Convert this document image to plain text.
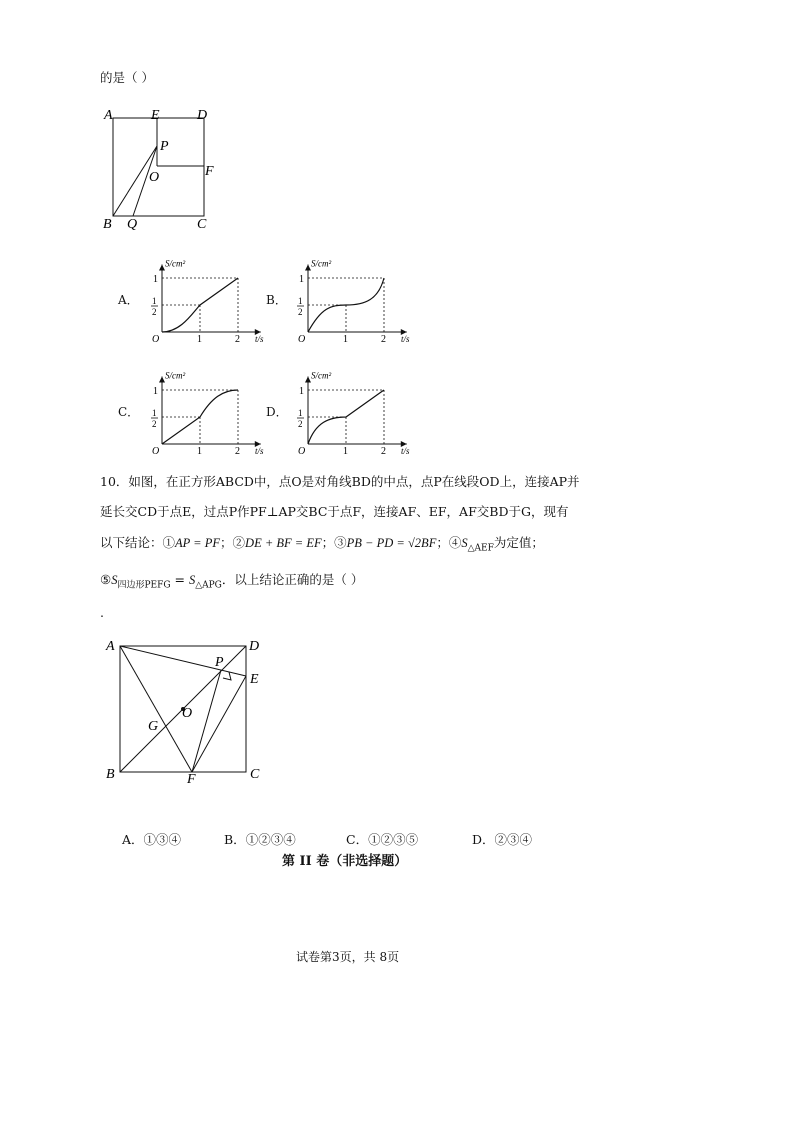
的是（ ）
A	E	D
P
O	F
B Q	C
A．
S/cm²
t/s
O
1
1
2
1	2
B．
S/cm²
t/s
O
1
1
2
1	2
C．
S/cm²
t/s
O
1
1
2
1	2
D．
S/cm²
t/s
O
1
1
2
1	2
10．如图，在正方形ABCD中，点O是对角线BD的中点，点P在线段OD上，连接AP并
延长交CD于点E，过点P作PF⊥AP交BC于点F，连接AF、EF，AF交BD于G，现有
以下结论：①AP = PF；②DE + BF = EF；③PB − PD = √2BF；$④S_{\triangle AEF}$为定值；
$⑤S_{四边形PEFG} = S_{\triangle APG}$．以上结论正确的是（ ）
.
A	D
P
E
O
G
B	F	C
A．①③④	B．①②③④	C．①②③⑤	D．②③④
第 II 卷（非选择题）
试卷第3页，共 8页
